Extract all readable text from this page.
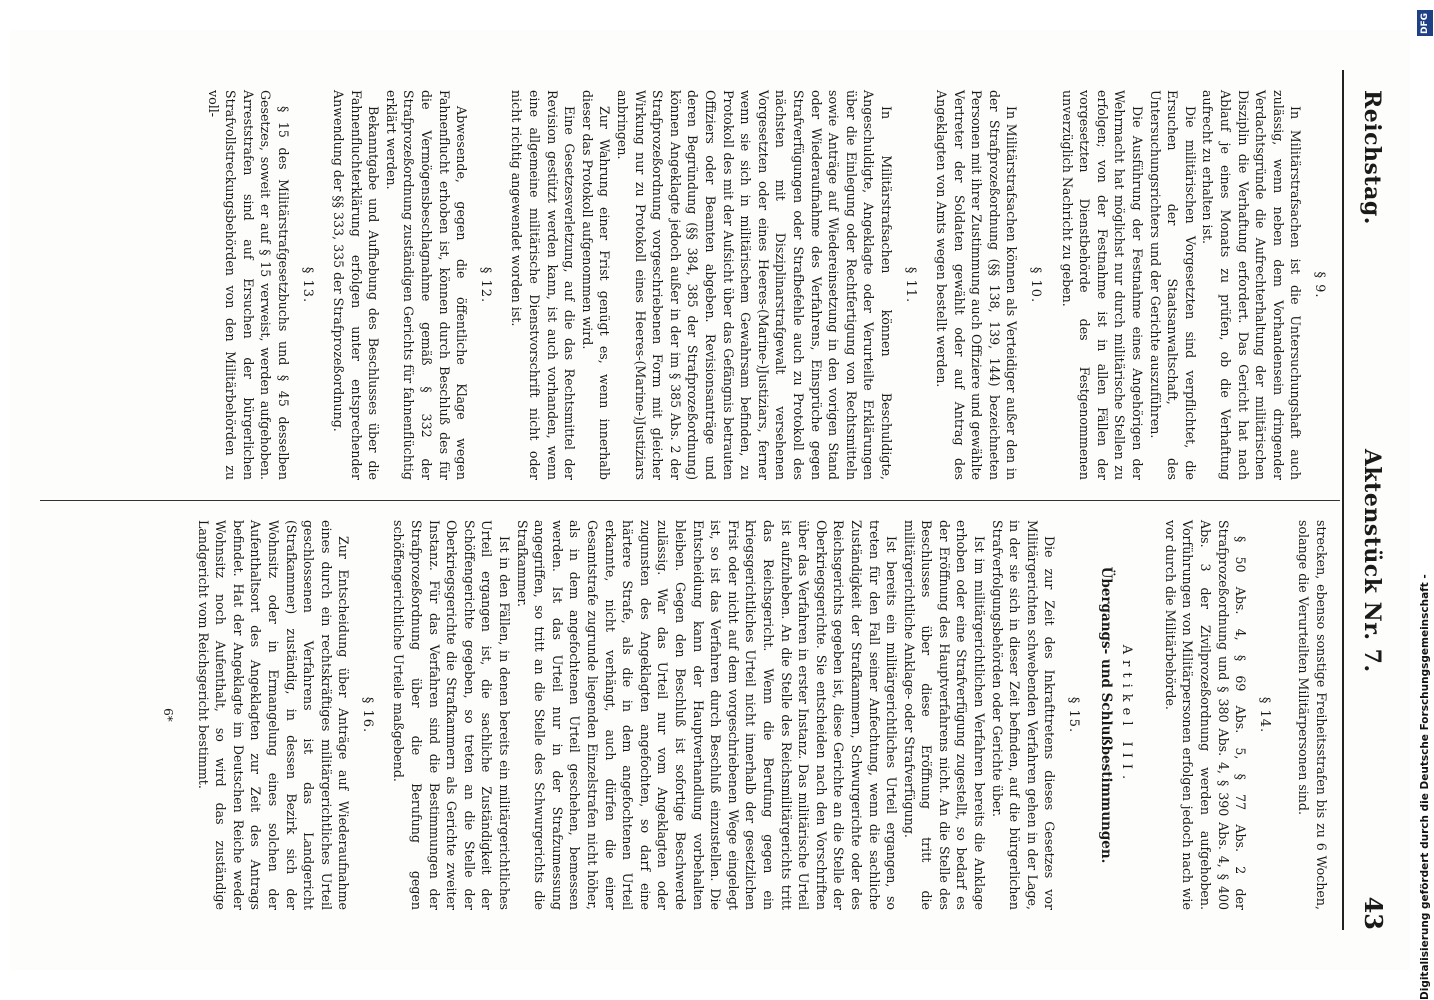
Reichstag.
Aktenstück Nr. 7.
43
§ 9.

In Militärstrafsachen ist die Untersuchungshaft auch zulässig, wenn neben dem Vorhandensein dringender Verdachtsgründe die Aufrechterhaltung der militärischen Disziplin die Verhaftung erfordert. Das Gericht hat nach Ablauf je eines Monats zu prüfen, ob die Verhaftung aufrecht zu erhalten ist.

Die militärischen Vorgesetzten sind verpflichtet, die Ersuchen der Staatsanwaltschaft, des Untersuchungsrichters und der Gerichte auszuführen.

Die Ausführung der Festnahme eines Angehörigen der Wehrmacht hat möglichst nur durch militärische Stellen zu erfolgen; von der Festnahme ist in allen Fällen der vorgesetzten Dienstbehörde des Festgenommenen unverzüglich Nachricht zu geben.

§ 10.

In Militärstrafsachen können als Verteidiger außer den in der Strafprozeßordnung (§§ 138, 139, 144) bezeichneten Personen mit ihrer Zustimmung auch Offiziere und gewählte Vertreter der Soldaten gewählt oder auf Antrag des Angeklagten von Amts wegen bestellt werden.

§ 11.

In Militärstrafsachen können Beschuldigte, Angeschuldigte, Angeklagte oder Verurteilte Erklärungen über die Einlegung oder Rechtfertigung von Rechtsmitteln sowie Anträge auf Wiedereinsetzung in den vorigen Stand oder Wiederaufnahme des Verfahrens, Einsprüche gegen Strafverfügungen oder Strafbefehle auch zu Protokoll des nächsten mit Disziplinarstrafgewalt versehenen Vorgesetzten oder eines Heeres-(Marine-)Justiziars, ferner wenn sie sich in militärischem Gewahrsam befinden, zu Protokoll des mit der Aufsicht über das Gefängnis betrauten Offiziers oder Beamten abgeben. Revisionsanträge und deren Begründung (§§ 384, 385 der Strafprozeßordnung) können Angeklagte jedoch außer in der im § 385 Abs. 2 der Strafprozeßordnung vorgeschriebenen Form mit gleicher Wirkung nur zu Protokoll eines Heeres-(Marine-)Justiziars anbringen.

Zur Wahrung einer Frist genügt es, wenn innerhalb dieser das Protokoll aufgenommen wird.

Eine Gesetzesverletzung, auf die das Rechtsmittel der Revision gestützt werden kann, ist auch vorhanden, wenn eine allgemeine militärische Dienstvorschrift nicht oder nicht richtig angewendet worden ist.

§ 12.

Abwesende, gegen die öffentliche Klage wegen Fahnenflucht erhoben ist, können durch Beschluß des für die Vermögensbeschlagnahme gemäß § 332 der Strafprozeßordnung zuständigen Gerichts für fahnenflüchtig erklärt werden.

Bekanntgabe und Aufhebung des Beschlusses über die Fahnenfluchterklärung erfolgen unter entsprechender Anwendung der §§ 333, 335 der Strafprozeßordnung.

§ 13.

§ 15 des Militärstrafgesetzbuchs und § 45 desselben Gesetzes, soweit er auf § 15 verweist, werden aufgehoben. Arreststrafen sind auf Ersuchen der bürgerlichen Strafvollstreckungsbehörden von den Militärbehörden zu voll-

strecken, ebenso sonstige Freiheitsstrafen bis zu 6 Wochen, solange die Verurteilten Militärpersonen sind.

§ 14.

§ 50 Abs. 4, § 69 Abs. 5, § 77 Abs. 2 der Strafprozeßordnung und § 380 Abs. 4, § 390 Abs. 4, § 400 Abs. 3 der Zivilprozeßordnung werden aufgehoben. Vorführungen von Militärpersonen erfolgen jedoch nach wie vor durch die Militärbehörde.

Artikel III.
Übergangs- und Schlußbestimmungen.
§ 15.

Die zur Zeit des Inkrafttretens dieses Gesetzes vor Militärgerichten schwebenden Verfahren gehen in der Lage, in der sie sich in dieser Zeit befinden, auf die bürgerlichen Strafverfolgungsbehörden oder Gerichte über.

Ist im militärgerichtlichen Verfahren bereits die Anklage erhoben oder eine Strafverfügung zugestellt, so bedarf es der Eröffnung des Hauptverfahrens nicht. An die Stelle des Beschlusses über diese Eröffnung tritt die militärgerichtliche Anklage- oder Strafverfügung.

Ist bereits ein militärgerichtliches Urteil ergangen, so treten für den Fall seiner Anfechtung, wenn die sachliche Zuständigkeit der Strafkammern, Schwurgerichte oder des Reichsgerichts gegeben ist, diese Gerichte an die Stelle der Oberkriegsgerichte. Sie entscheiden nach den Vorschriften über das Verfahren in erster Instanz. Das militärische Urteil ist aufzuheben. An die Stelle des Reichsmilitärgerichts tritt das Reichsgericht. Wenn die Berufung gegen ein kriegsgerichtliches Urteil nicht innerhalb der gesetzlichen Frist oder nicht auf dem vorgeschriebenen Wege eingelegt ist, so ist das Verfahren durch Beschluß einzustellen. Die Entscheidung kann der Hauptverhandlung vorbehalten bleiben. Gegen den Beschluß ist sofortige Beschwerde zulässig. War das Urteil nur vom Angeklagten oder zugunsten des Angeklagten angefochten, so darf eine härtere Strafe, als die in dem angefochtenen Urteil erkannte, nicht verhängt, auch dürfen die einer Gesamtstrafe zugrunde liegenden Einzelstrafen nicht höher, als in dem angefochtenen Urteil geschehen, bemessen werden. Ist das Urteil nur in der Strafzumessung angegriffen, so tritt an die Stelle des Schwurgerichts die Strafkammer.

Ist in den Fällen, in denen bereits ein militärgerichtliches Urteil ergangen ist, die sachliche Zuständigkeit der Schöffengerichte gegeben, so treten an die Stelle der Oberkriegsgerichte die Strafkammern als Gerichte zweiter Instanz. Für das Verfahren sind die Bestimmungen der Strafprozeßordnung über die Berufung gegen schöffengerichtliche Urteile maßgebend.

§ 16.

Zur Entscheidung über Anträge auf Wiederaufnahme eines durch ein rechtskräftiges militärgerichtliches Urteil geschlossenen Verfahrens ist das Landgericht (Strafkammer) zuständig, in dessen Bezirk sich der Wohnsitz oder in Ermangelung eines solchen der Aufenthaltsort des Angeklagten zur Zeit des Antrags befindet. Hat der Angeklagte im Deutschen Reiche weder Wohnsitz noch Aufenthalt, so wird das zuständige Landgericht vom Reichsgericht bestimmt.

6*
DFG
Digitalisierung gefördert durch die Deutsche Forschungsgemeinschaft -
